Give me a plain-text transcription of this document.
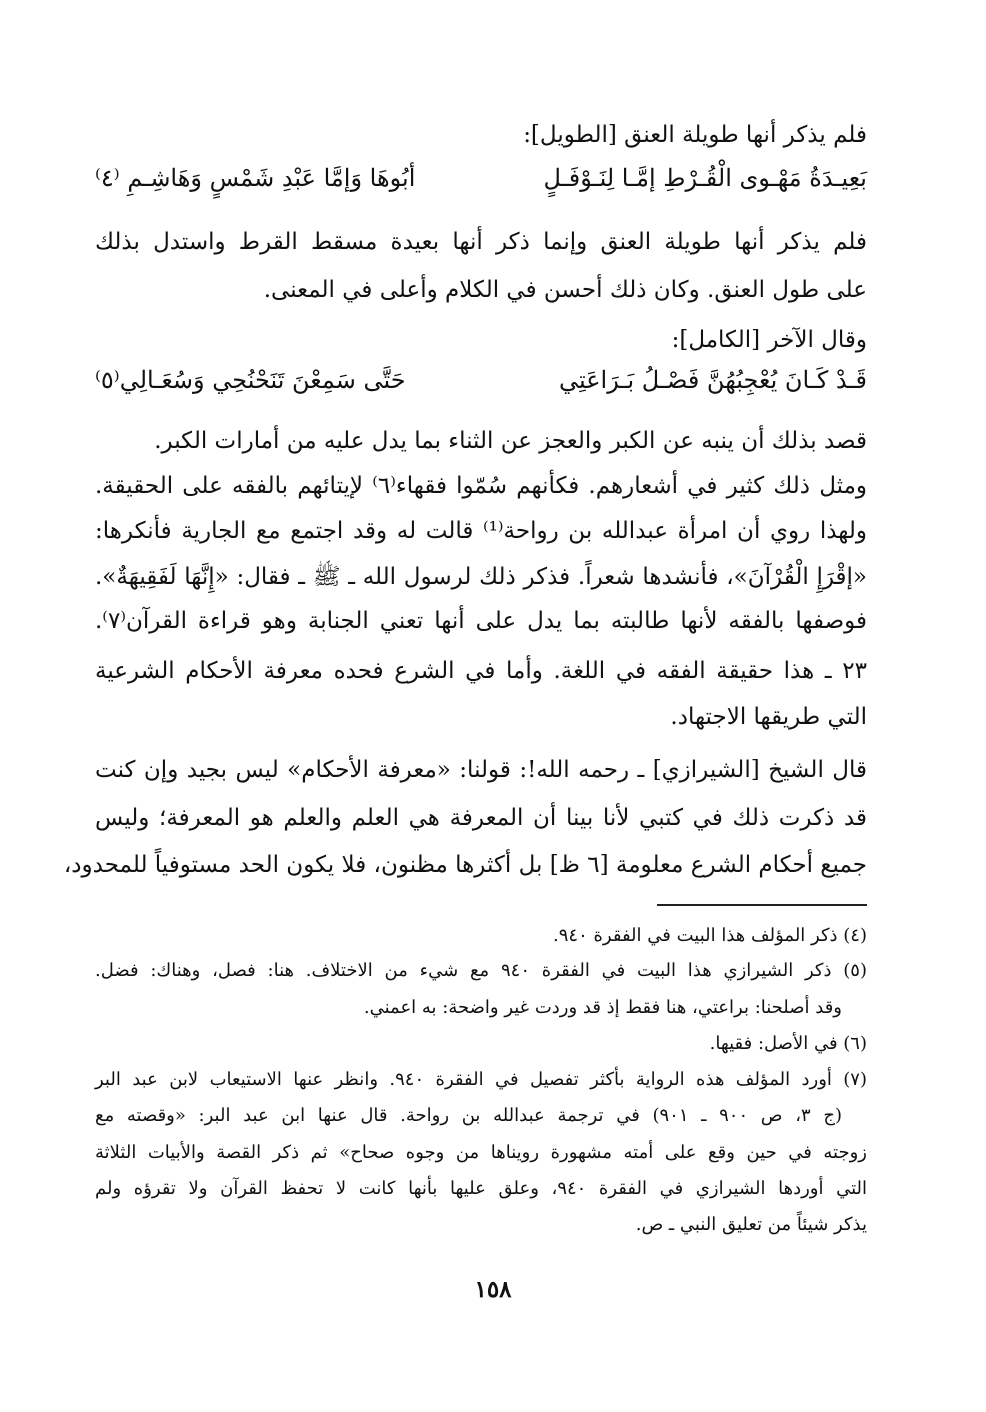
فلم يذكر أنها طويلة العنق [الطويل]:
بَعِيـدَةُ مَهْـوى الْقُـرْطِ إمَّـا لِنَـوْفَـلٍ
أبُوهَا وَإمَّا عَبْدِ شَمْسٍ وَهَاشِـمِ ⁽٤⁾
فلم يذكر أنها طويلة العنق وإنما ذكر أنها بعيدة مسقط القرط واستدل بذلك
على طول العنق. وكان ذلك أحسن في الكلام وأعلى في المعنى.
وقال الآخر [الكامل]:
قَـدْ كَـانَ يُعْجِبُهُنَّ فَصْـلُ بَـرَاعَتِي
حَتَّى سَمِعْنَ تَنَحْنُحِي وَسُعَـالِي⁽٥⁾
قصد بذلك أن ينبه عن الكبر والعجز عن الثناء بما يدل عليه من أمارات الكبر.
ومثل ذلك كثير في أشعارهم. فكأنهم سُمّوا فقهاء⁽٦⁾ لإيتائهم بالفقه على الحقيقة.
ولهذا روي أن امرأة عبدالله بن رواحة⁽¹⁾ قالت له وقد اجتمع مع الجارية فأنكرها:
«إقْرَإِ الْقُرْآنَ»، فأنشدها شعراً. فذكر ذلك لرسول الله ـ ﷺ ـ فقال: «إِنَّهَا لَفَقِيهَةٌ».
فوصفها بالفقه لأنها طالبته بما يدل على أنها تعني الجنابة وهو قراءة القرآن⁽٧⁾.
٢٣ ـ هذا حقيقة الفقه في اللغة. وأما في الشرع فحده معرفة الأحكام الشرعية
التي طريقها الاجتهاد.
قال الشيخ [الشيرازي] ـ رحمه الله!: قولنا: «معرفة الأحكام» ليس بجيد وإن كنت
قد ذكرت ذلك في كتبي لأنا بينا أن المعرفة هي العلم والعلم هو المعرفة؛ وليس
جميع أحكام الشرع معلومة [٦ ظ] بل أكثرها مظنون، فلا يكون الحد مستوفياً للمحدود،
(٤) ذكر المؤلف هذا البيت في الفقرة ٩٤٠.
(٥) ذكر الشيرازي هذا البيت في الفقرة ٩٤٠ مع شيء من الاختلاف. هنا: فصل، وهناك: فضل.
وقد أصلحنا: براعتي، هنا فقط إذ قد وردت غير واضحة: به اعمني.
(٦) في الأصل: فقيها.
(٧) أورد المؤلف هذه الرواية بأكثر تفصيل في الفقرة ٩٤٠. وانظر عنها الاستيعاب لابن عبد البر
(ج ٣، ص ٩٠٠ ـ ٩٠١) في ترجمة عبدالله بن رواحة. قال عنها ابن عبد البر: «وقصته مع
زوجته في حين وقع على أمته مشهورة رويناها من وجوه صحاح» ثم ذكر القصة والأبيات الثلاثة
التي أوردها الشيرازي في الفقرة ٩٤٠، وعلق عليها بأنها كانت لا تحفظ القرآن ولا تقرؤه ولم
يذكر شيئاً من تعليق النبي ـ ص.
١٥٨
